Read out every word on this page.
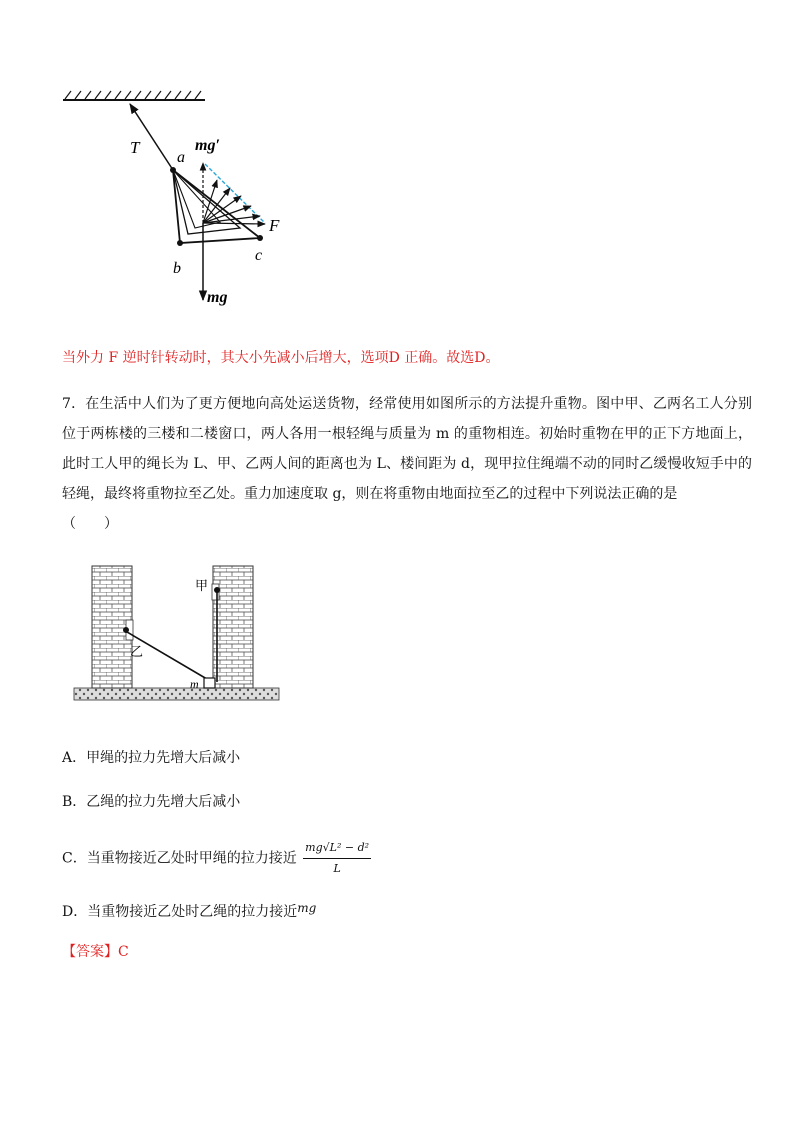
T
a
mg′
F
b
c
mg
当外力 F 逆时针转动时，其大小先减小后增大，选项D 正确。故选D。
7．在生活中人们为了更方便地向高处运送货物，经常使用如图所示的方法提升重物。图中甲、乙两名工人分别位于两栋楼的三楼和二楼窗口，两人各用一根轻绳与质量为 m 的重物相连。初始时重物在甲的正下方地面上，此时工人甲的绳长为 L、甲、乙两人间的距离也为 L、楼间距为 d，现甲拉住绳端不动的同时乙缓慢收短手中的轻绳，最终将重物拉至乙处。重力加速度取 g，则在将重物由地面拉至乙的过程中下列说法正确的是
（　　）
甲
乙
m
A．甲绳的拉力先增大后减小
B．乙绳的拉力先增大后减小
C．当重物接近乙处时甲绳的拉力接近 $\frac{\text{mg√L² − d²}}{L}$
D．当重物接近乙处时乙绳的拉力接近mg
【答案】C
